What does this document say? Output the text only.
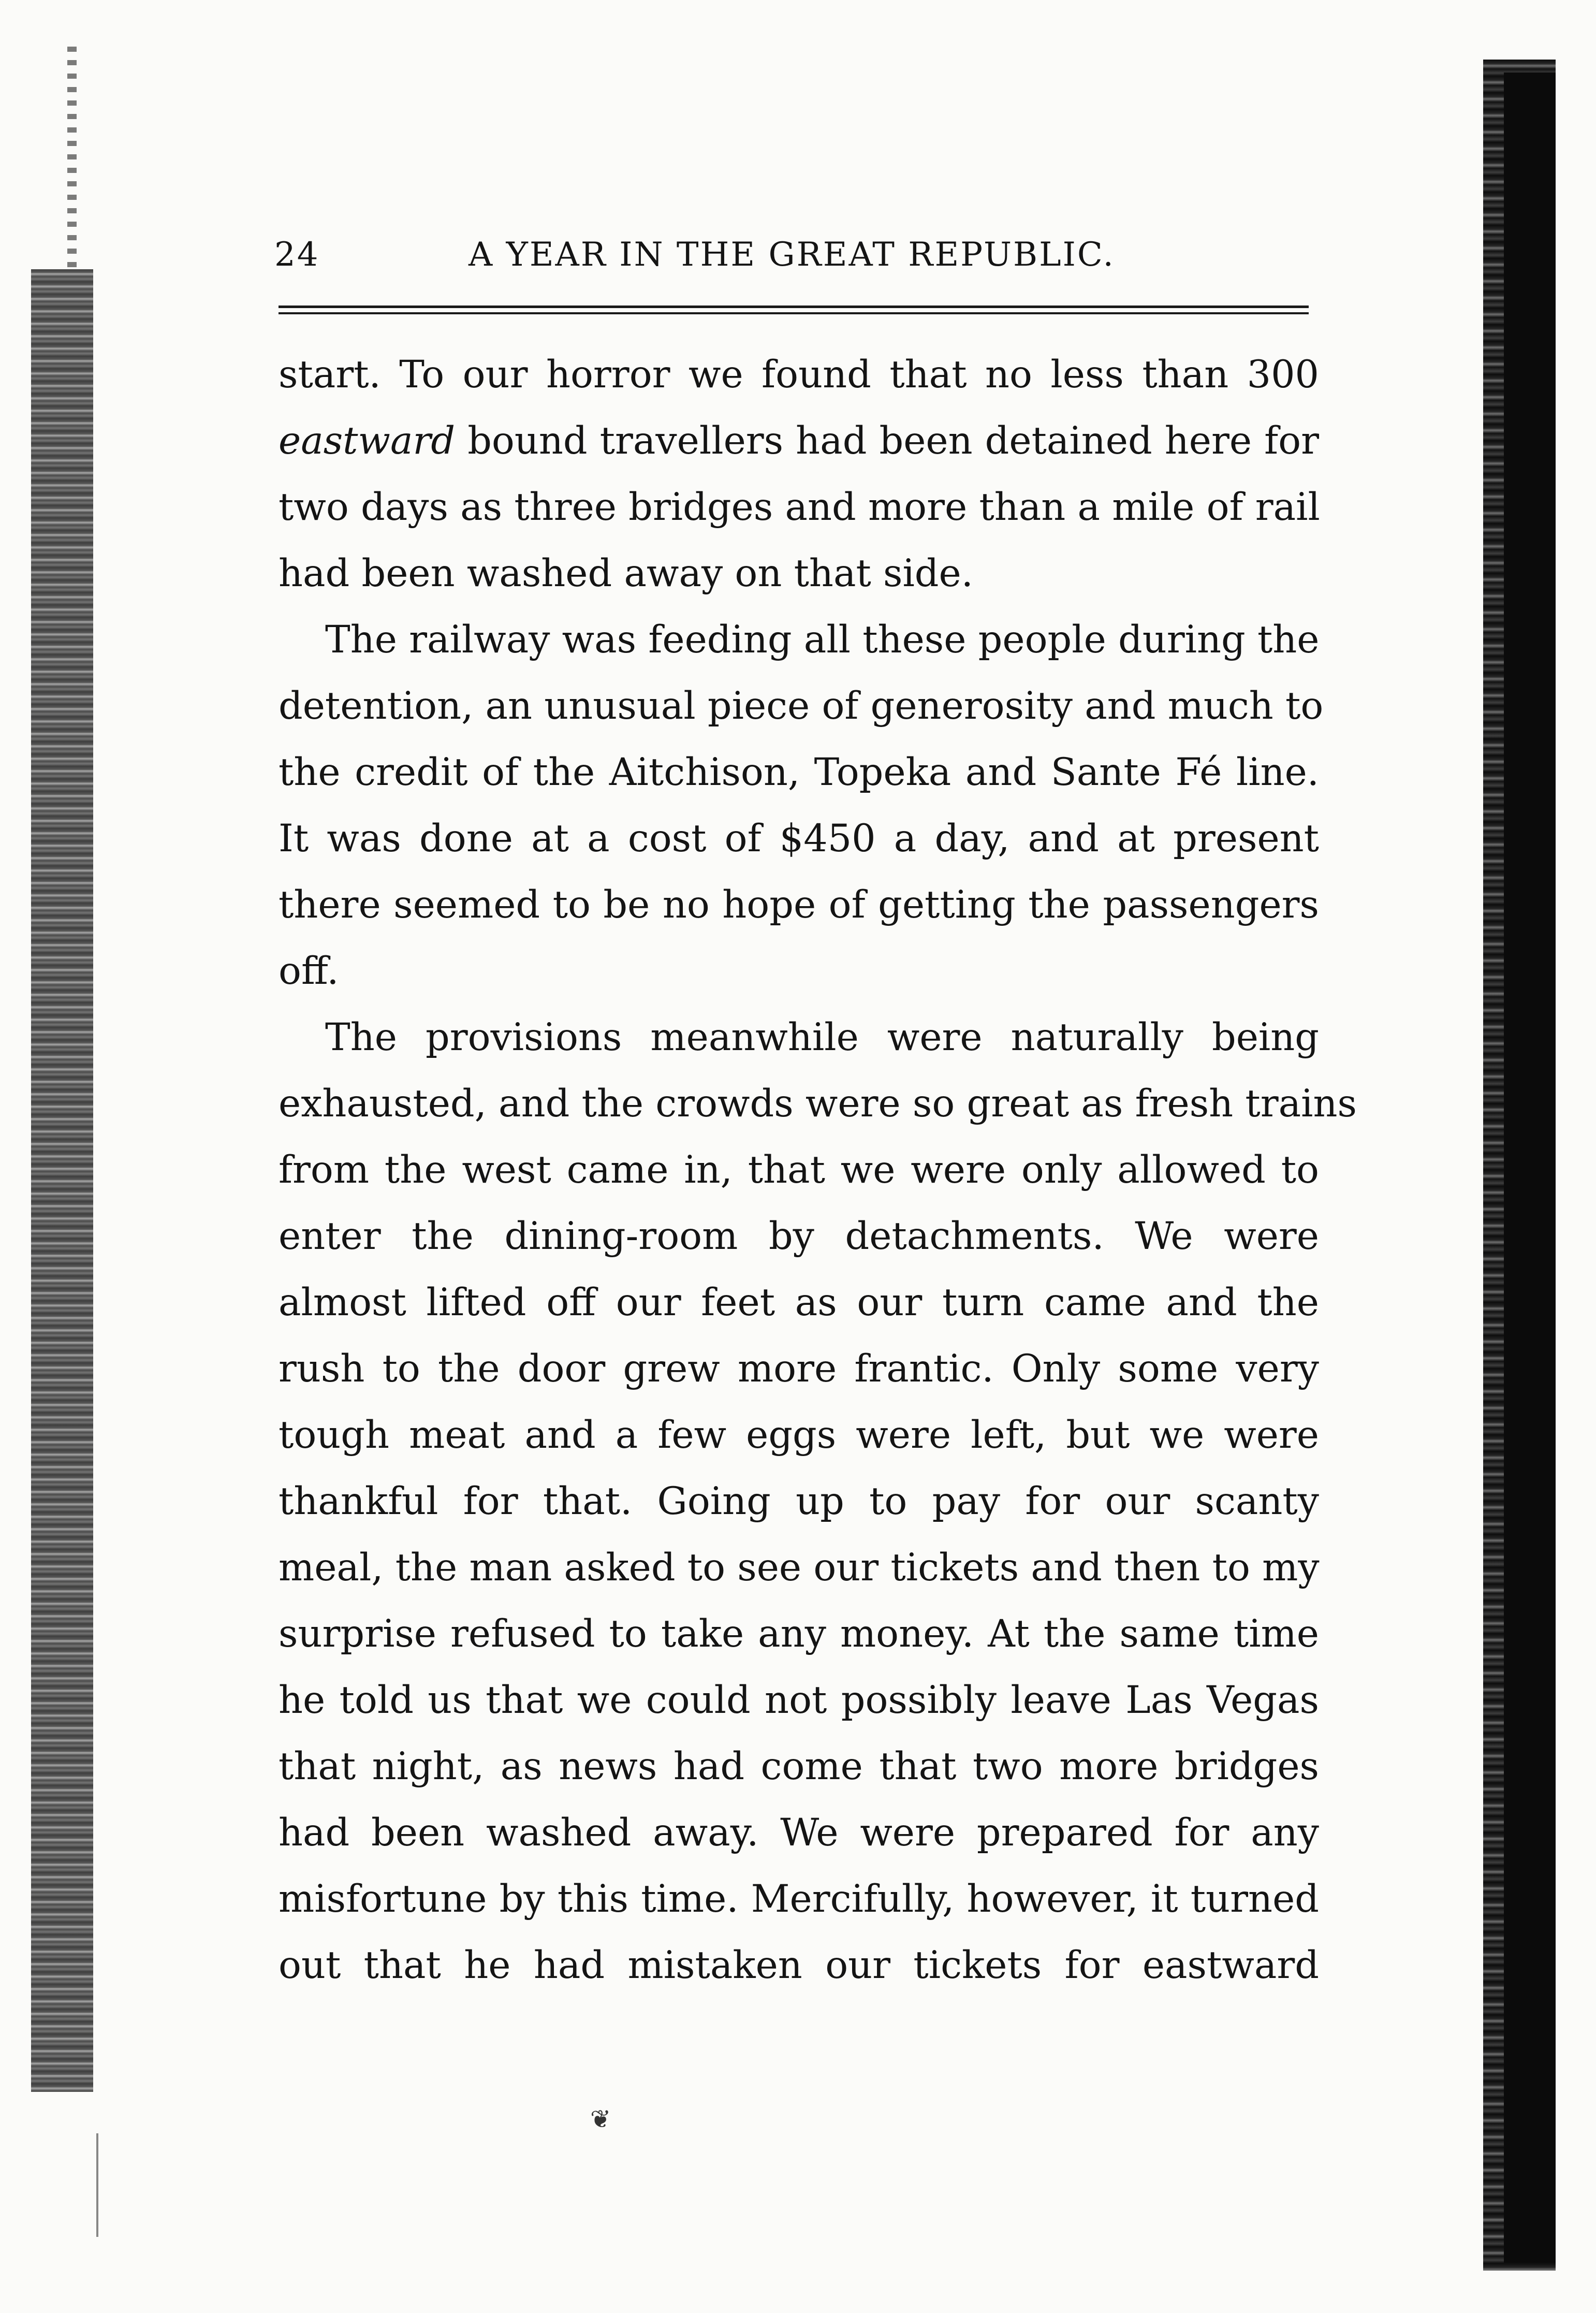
24	A YEAR IN THE GREAT REPUBLIC.
start. To our horror we found that no less than 300
eastward bound travellers had been detained here for
two days as three bridges and more than a mile of rail
had been washed away on that side.
The railway was feeding all these people during the
detention, an unusual piece of generosity and much to
the credit of the Aitchison, Topeka and Sante Fé line.
It was done at a cost of $450 a day, and at present
there seemed to be no hope of getting the passengers
off.
The provisions meanwhile were naturally being
exhausted, and the crowds were so great as fresh trains
from the west came in, that we were only allowed to
enter the dining-room by detachments. We were
almost lifted off our feet as our turn came and the
rush to the door grew more frantic. Only some very
tough meat and a few eggs were left, but we were
thankful for that. Going up to pay for our scanty
meal, the man asked to see our tickets and then to my
surprise refused to take any money. At the same time
he told us that we could not possibly leave Las Vegas
that night, as news had come that two more bridges
had been washed away. We were prepared for any
misfortune by this time. Mercifully, however, it turned
out that he had mistaken our tickets for eastward
❦
